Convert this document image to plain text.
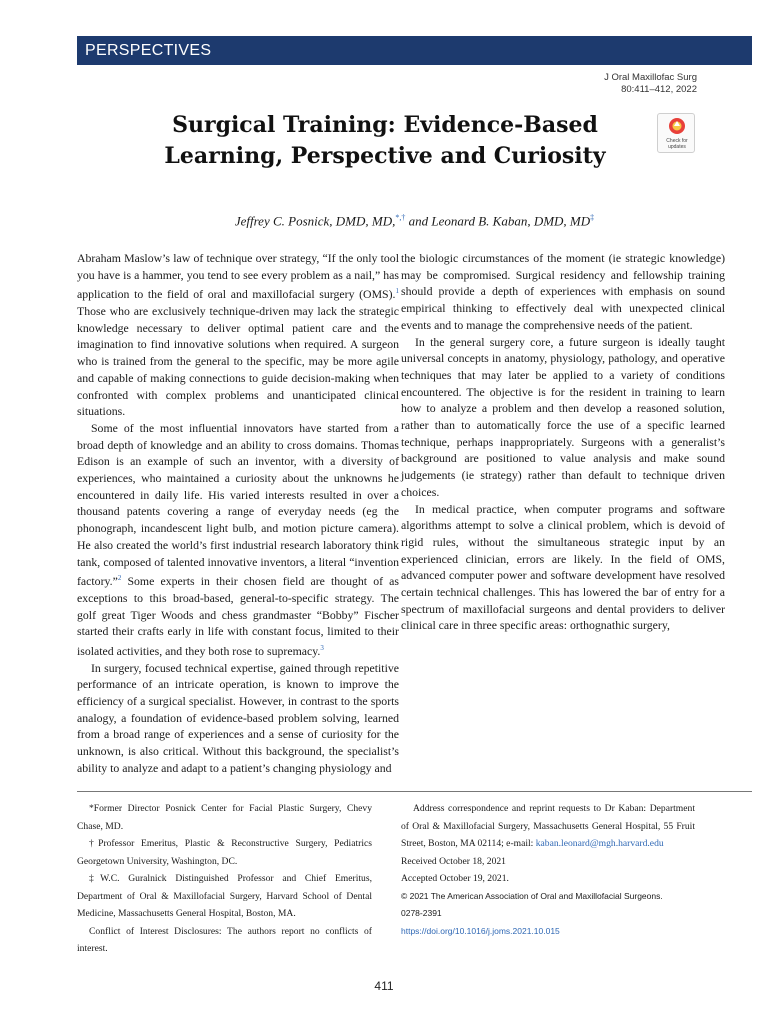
PERSPECTIVES
J Oral Maxillofac Surg
80:411–412, 2022
Surgical Training: Evidence-Based Learning, Perspective and Curiosity
Check for
updates
Jeffrey C. Posnick, DMD, MD,*,† and Leonard B. Kaban, DMD, MD‡

Abraham Maslow’s law of technique over strategy, “If the only tool you have is a hammer, you tend to see every problem as a nail,” has application to the field of oral and maxillofacial surgery (OMS).$^1$ Those who are exclusively technique-driven may lack the strategic knowledge necessary to deliver optimal patient care and the imagination to find innovative solutions when required. A surgeon who is trained from the general to the specific, may be more agile and capable of making connections to guide decision-making when confronted with complex problems and unanticipated clinical situations.

Some of the most influential innovators have started from a broad depth of knowledge and an ability to cross domains. Thomas Edison is an example of such an inventor, with a diversity of experiences, who maintained a curiosity about the unknowns he encountered in daily life. His varied interests resulted in over a thousand patents covering a range of everyday needs (eg the phonograph, incandescent light bulb, and motion picture camera). He also created the world’s first industrial research laboratory think tank, composed of talented innovative inventors, a literal “invention factory.”$^2$ Some experts in their chosen field are thought of as exceptions to this broad-based, general-to-specific strategy. The golf great Tiger Woods and chess grandmaster “Bobby” Fischer started their crafts early in life with constant focus, limited to their isolated activities, and they both rose to supremacy.$^3$

In surgery, focused technical expertise, gained through repetitive performance of an intricate operation, is known to improve the efficiency of a surgical specialist. However, in contrast to the sports analogy, a foundation of evidence-based problem solving, learned from a broad range of experiences and a sense of curiosity for the unknown, is also critical. Without this background, the specialist’s ability to analyze and adapt to a patient’s changing physiology and

the biologic circumstances of the moment (ie strategic knowledge) may be compromised. Surgical residency and fellowship training should provide a depth of experiences with emphasis on sound empirical thinking to effectively deal with unexpected clinical events and to manage the comprehensive needs of the patient.

In the general surgery core, a future surgeon is ideally taught universal concepts in anatomy, physiology, pathology, and operative techniques that may later be applied to a variety of conditions encountered. The objective is for the resident in training to learn how to analyze a problem and then develop a reasoned solution, rather than to automatically force the use of a specific learned technique, perhaps inappropriately. Surgeons with a generalist’s background are positioned to value analysis and make sound judgements (ie strategy) rather than default to technique driven choices.

In medical practice, when computer programs and software algorithms attempt to solve a clinical problem, which is devoid of rigid rules, without the simultaneous strategic input by an experienced clinician, errors are likely. In the field of OMS, advanced computer power and software development have resolved certain technical challenges. This has lowered the bar of entry for a spectrum of maxillofacial surgeons and dental providers to deliver clinical care in three specific areas: orthognathic surgery,

*Former Director Posnick Center for Facial Plastic Surgery, Chevy Chase, MD.

†Professor Emeritus, Plastic & Reconstructive Surgery, Pediatrics Georgetown University, Washington, DC.

‡W.C. Guralnick Distinguished Professor and Chief Emeritus, Department of Oral & Maxillofacial Surgery, Harvard School of Dental Medicine, Massachusetts General Hospital, Boston, MA.

Conflict of Interest Disclosures: The authors report no conflicts of interest.

Address correspondence and reprint requests to Dr Kaban: Department of Oral & Maxillofacial Surgery, Massachusetts General Hospital, 55 Fruit Street, Boston, MA 02114; e-mail: kaban.leonard@mgh.harvard.edu

Received October 18, 2021

Accepted October 19, 2021.

© 2021 The American Association of Oral and Maxillofacial Surgeons.

0278-2391

https://doi.org/10.1016/j.joms.2021.10.015

411
